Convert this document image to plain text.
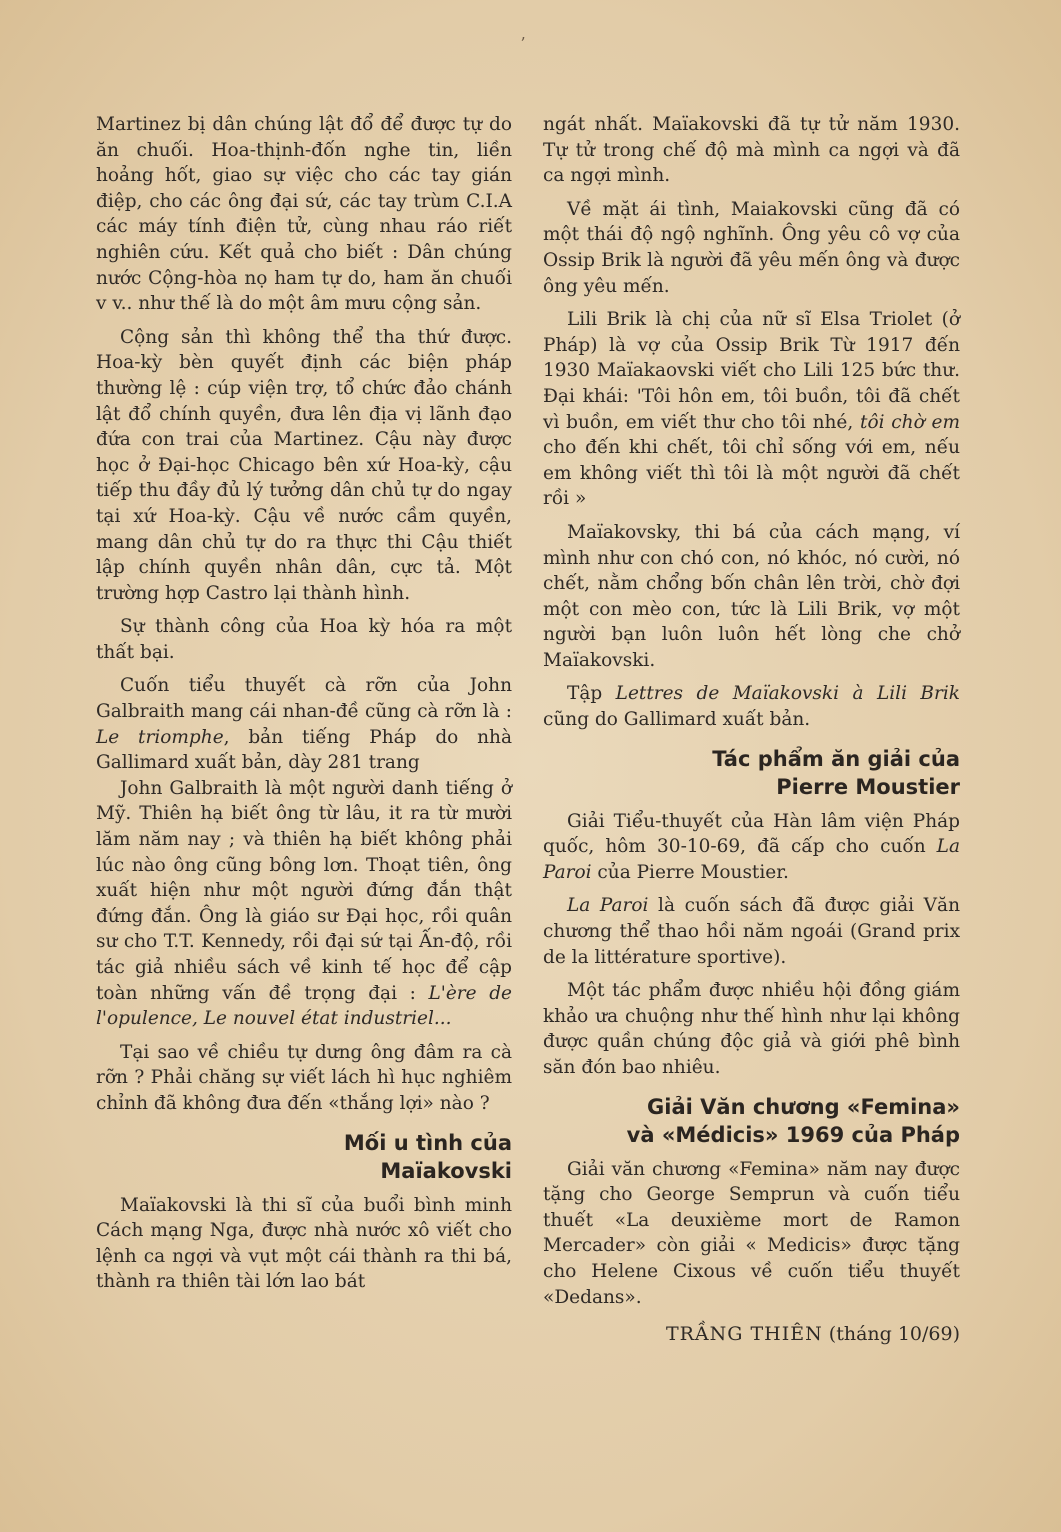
ʼ

Martinez bị dân chúng lật đổ để được tự do ăn chuối. Hoa-thịnh-đốn nghe tin, liền hoảng hốt, giao sự việc cho các tay gián điệp, cho các ông đại sứ, các tay trùm C.I.A các máy tính điện tử, cùng nhau ráo riết nghiên cứu. Kết quả cho biết : Dân chúng nước Cộng-hòa nọ ham tự do, ham ăn chuối v v.. như thế là do một âm mưu cộng sản.

Cộng sản thì không thể tha thứ được. Hoa-kỳ bèn quyết định các biện pháp thường lệ : cúp viện trợ, tổ chức đảo chánh lật đổ chính quyền, đưa lên địa vị lãnh đạo đứa con trai của Martinez. Cậu này được học ở Đại-học Chicago bên xứ Hoa-kỳ, cậu tiếp thu đầy đủ lý tưởng dân chủ tự do ngay tại xứ Hoa-kỳ. Cậu về nước cầm quyền, mang dân chủ tự do ra thực thi Cậu thiết lập chính quyền nhân dân, cực tả. Một trường hợp Castro lại thành hình.

Sự thành công của Hoa kỳ hóa ra một thất bại.

Cuốn tiểu thuyết cà rỡn của John Galbraith mang cái nhan-đề cũng cà rỡn là : Le triomphe, bản tiếng Pháp do nhà Gallimard xuất bản, dày 281 trang

John Galbraith là một người danh tiếng ở Mỹ. Thiên hạ biết ông từ lâu, it ra từ mười lăm năm nay ; và thiên hạ biết không phải lúc nào ông cũng bông lơn. Thoạt tiên, ông xuất hiện như một người đứng đắn thật đứng đắn. Ông là giáo sư Đại học, rồi quân sư cho T.T. Kennedy, rồi đại sứ tại Ấn-độ, rồi tác giả nhiều sách về kinh tế học để cập toàn những vấn đề trọng đại : L'ère de l'opulence, Le nouvel état industriel...

Tại sao về chiều tự dưng ông đâm ra cà rỡn ? Phải chăng sự viết lách hì hục nghiêm chỉnh đã không đưa đến «thắng lợi» nào ?

Mối u tình của
Maïakovski

Maïakovski là thi sĩ của buổi bình minh Cách mạng Nga, được nhà nước xô viết cho lệnh ca ngợi và vụt một cái thành ra thi bá, thành ra thiên tài lớn lao bát

ngát nhất. Maïakovski đã tự tử năm 1930. Tự tử trong chế độ mà mình ca ngợi và đã ca ngợi mình.

Về mặt ái tình, Maiakovski cũng đã có một thái độ ngộ nghĩnh. Ông yêu cô vợ của Ossip Brik là người đã yêu mến ông và được ông yêu mến.

Lili Brik là chị của nữ sĩ Elsa Triolet (ở Pháp) là vợ của Ossip Brik Từ 1917 đến 1930 Maïakaovski viết cho Lili 125 bức thư. Đại khái: 'Tôi hôn em, tôi buồn, tôi đã chết vì buồn, em viết thư cho tôi nhé, tôi chờ em cho đến khi chết, tôi chỉ sống với em, nếu em không viết thì tôi là một người đã chết rồi »

Maïakovsky, thi bá của cách mạng, ví mình như con chó con, nó khóc, nó cười, nó chết, nằm chổng bốn chân lên trời, chờ đợi một con mèo con, tức là Lili Brik, vợ một người bạn luôn luôn hết lòng che chở Maïakovski.

Tập Lettres de Maïakovski à Lili Brik cũng do Gallimard xuất bản.

Tác phẩm ăn giải của
Pierre Moustier

Giải Tiểu-thuyết của Hàn lâm viện Pháp quốc, hôm 30-10-69, đã cấp cho cuốn La Paroi của Pierre Moustier.

La Paroi là cuốn sách đã được giải Văn chương thể thao hồi năm ngoái (Grand prix de la littérature sportive).

Một tác phẩm được nhiều hội đồng giám khảo ưa chuộng như thế hình như lại không được quần chúng độc giả và giới phê bình săn đón bao nhiêu.

Giải Văn chương «Femina»
và «Médicis» 1969 của Pháp

Giải văn chương «Femina» năm nay được tặng cho George Semprun và cuốn tiểu thuết «La deuxième mort de Ramon Mercader» còn giải « Medicis» được tặng cho Helene Cixous về cuốn tiểu thuyết «Dedans».

TRẦNG THIÊN (tháng 10/69)
